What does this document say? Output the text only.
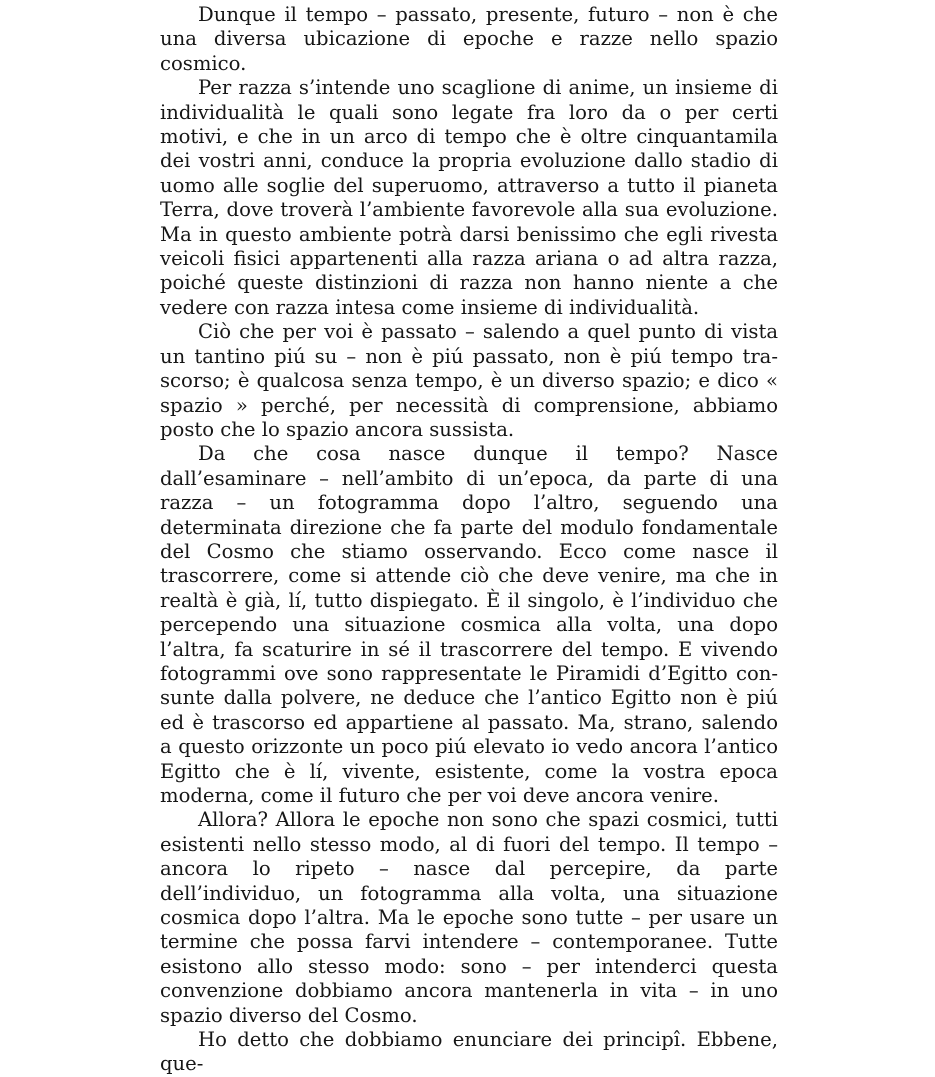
Dunque il tempo – passato, presente, futuro – non è che una diversa ubicazione di epoche e razze nello spazio cosmico.

Per razza s’intende uno scaglione di anime, un insieme di individualità le quali sono legate fra loro da o per certi motivi, e che in un arco di tempo che è oltre cinquantamila dei vostri anni, conduce la propria evoluzione dallo stadio di uomo alle soglie del superuomo, attraverso a tutto il pianeta Terra, dove troverà l’ambiente favorevole alla sua evoluzione. Ma in questo ambiente potrà darsi benissimo che egli rivesta veicoli fisici appartenenti alla razza ariana o ad altra razza, poiché queste distinzioni di razza non hanno niente a che vedere con razza intesa come insieme di individualità.

Ciò che per voi è passato – salendo a quel punto di vista un tantino piú su – non è piú passato, non è piú tempo trascorso; è qualcosa senza tempo, è un diverso spazio; e dico « spazio » perché, per necessità di comprensione, abbiamo posto che lo spazio ancora sussista.

Da che cosa nasce dunque il tempo? Nasce dall’esaminare – nell’ambito di un’epoca, da parte di una razza – un fotogramma dopo l’altro, seguendo una determinata direzione che fa parte del modulo fondamentale del Cosmo che stiamo osservando. Ecco come nasce il trascorrere, come si attende ciò che deve venire, ma che in realtà è già, lí, tutto dispiegato. È il singolo, è l’individuo che percependo una situazione cosmica alla volta, una dopo l’altra, fa scaturire in sé il trascorrere del tempo. E vivendo fotogrammi ove sono rappresentate le Piramidi d’Egitto consunte dalla polvere, ne deduce che l’antico Egitto non è piú ed è trascorso ed appartiene al passato. Ma, strano, salendo a questo orizzonte un poco piú elevato io vedo ancora l’antico Egitto che è lí, vivente, esistente, come la vostra epoca moderna, come il futuro che per voi deve ancora venire.

Allora? Allora le epoche non sono che spazi cosmici, tutti esistenti nello stesso modo, al di fuori del tempo. Il tempo – ancora lo ripeto – nasce dal percepire, da parte dell’individuo, un fotogramma alla volta, una situazione cosmica dopo l’altra. Ma le epoche sono tutte – per usare un termine che possa farvi intendere – contemporanee. Tutte esistono allo stesso modo: sono – per intenderci questa convenzione dobbiamo ancora mantenerla in vita – in uno spazio diverso del Cosmo.

Ho detto che dobbiamo enunciare dei principî. Ebbene, que-
